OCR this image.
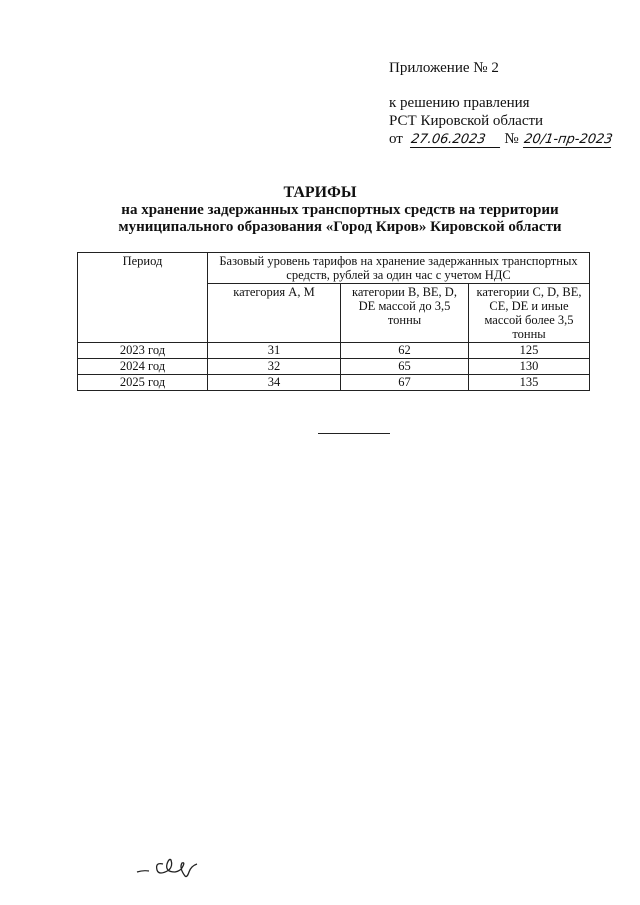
Приложение № 2
к решению правления
РСТ Кировской области
от 27.06.2023 № 20/1-пр-2023
ТАРИФЫ
на хранение задержанных транспортных средств на территории
муниципального образования «Город Киров» Кировской области
Период	Базовый уровень тарифов на хранение задержанных транспортных средств, рублей за один час с учетом НДС		
	категория A, M	категории B, BE, D, DE массой до 3,5 тонны	категории C, D, BE, CE, DE и иные массой более 3,5 тонны
2023 год	31	62	125
2024 год	32	65	130
2025 год	34	67	135
